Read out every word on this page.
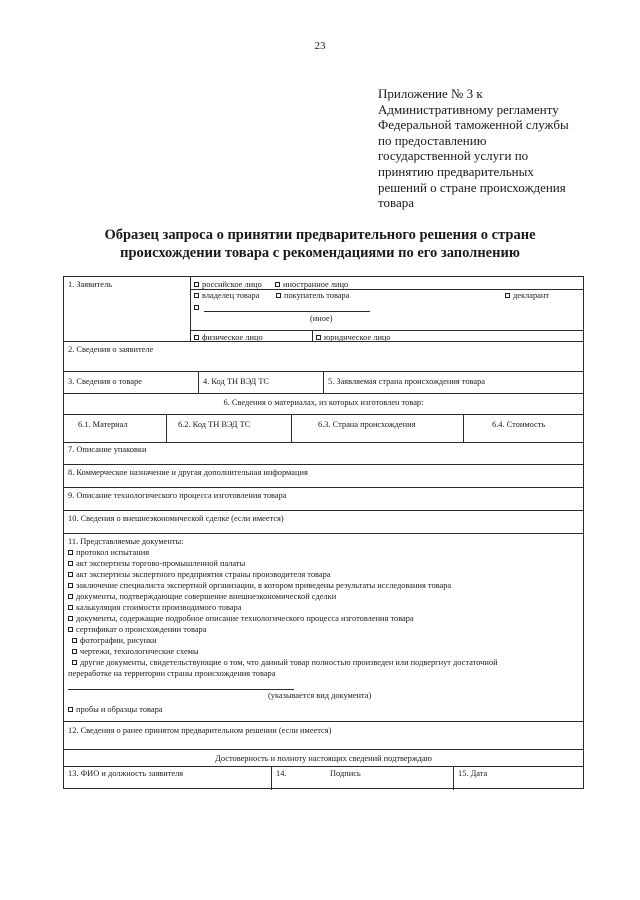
23
Приложение № 3 к
Административному регламенту
Федеральной таможенной службы
по предоставлению
государственной услуги по
принятию предварительных
решений о стране происхождения
товара
Образец запроса о принятии предварительного решения о стране
происхождении товара с рекомендациями по его заполнению
1. Заявитель	российское лицо	иностранное лицо
владелец товара	покупатель товара	декларант
(иное)
физическое лицо	юридическое лицо
2. Сведения о заявителе
3. Сведения о товаре	4. Код ТН ВЭД ТС	5. Заявляемая страна происхождения товара
6. Сведения о материалах, из которых изготовлен товар:
6.1. Материал	6.2. Код ТН ВЭД ТС	6.3. Страна происхождения	6.4. Стоимость
7. Описание упаковки
8. Коммерческое назначение и другая дополнительная информация
9. Описание технологического процесса изготовления товара
10. Сведения о внешнеэкономической сделке (если имеется)
11. Представляемые документы:
протокол испытания
акт экспертизы торгово-промышленной палаты
акт экспертизы экспертного предприятия страны производителя товара
заключение специалиста экспертной организации, в котором приведены результаты исследования товара
документы, подтверждающие совершение внешнеэкономической сделки
калькуляция стоимости производимого товара
документы, содержащие подробное описание технологического процесса изготовления товара
сертификат о происхождении товара
фотографии, рисунки
чертежи, технологические схемы
другие документы, свидетельствующие о том, что данный товар полностью произведен или подвергнут достаточной
переработке на территории страны происхождения товара
(указывается вид документа)
пробы и образцы товара
12. Сведения о ранее принятом предварительном решении (если имеется)
Достоверность и полноту настоящих сведений подтверждаю
13. ФИО и должность заявителя	14.	Подпись	15. Дата
